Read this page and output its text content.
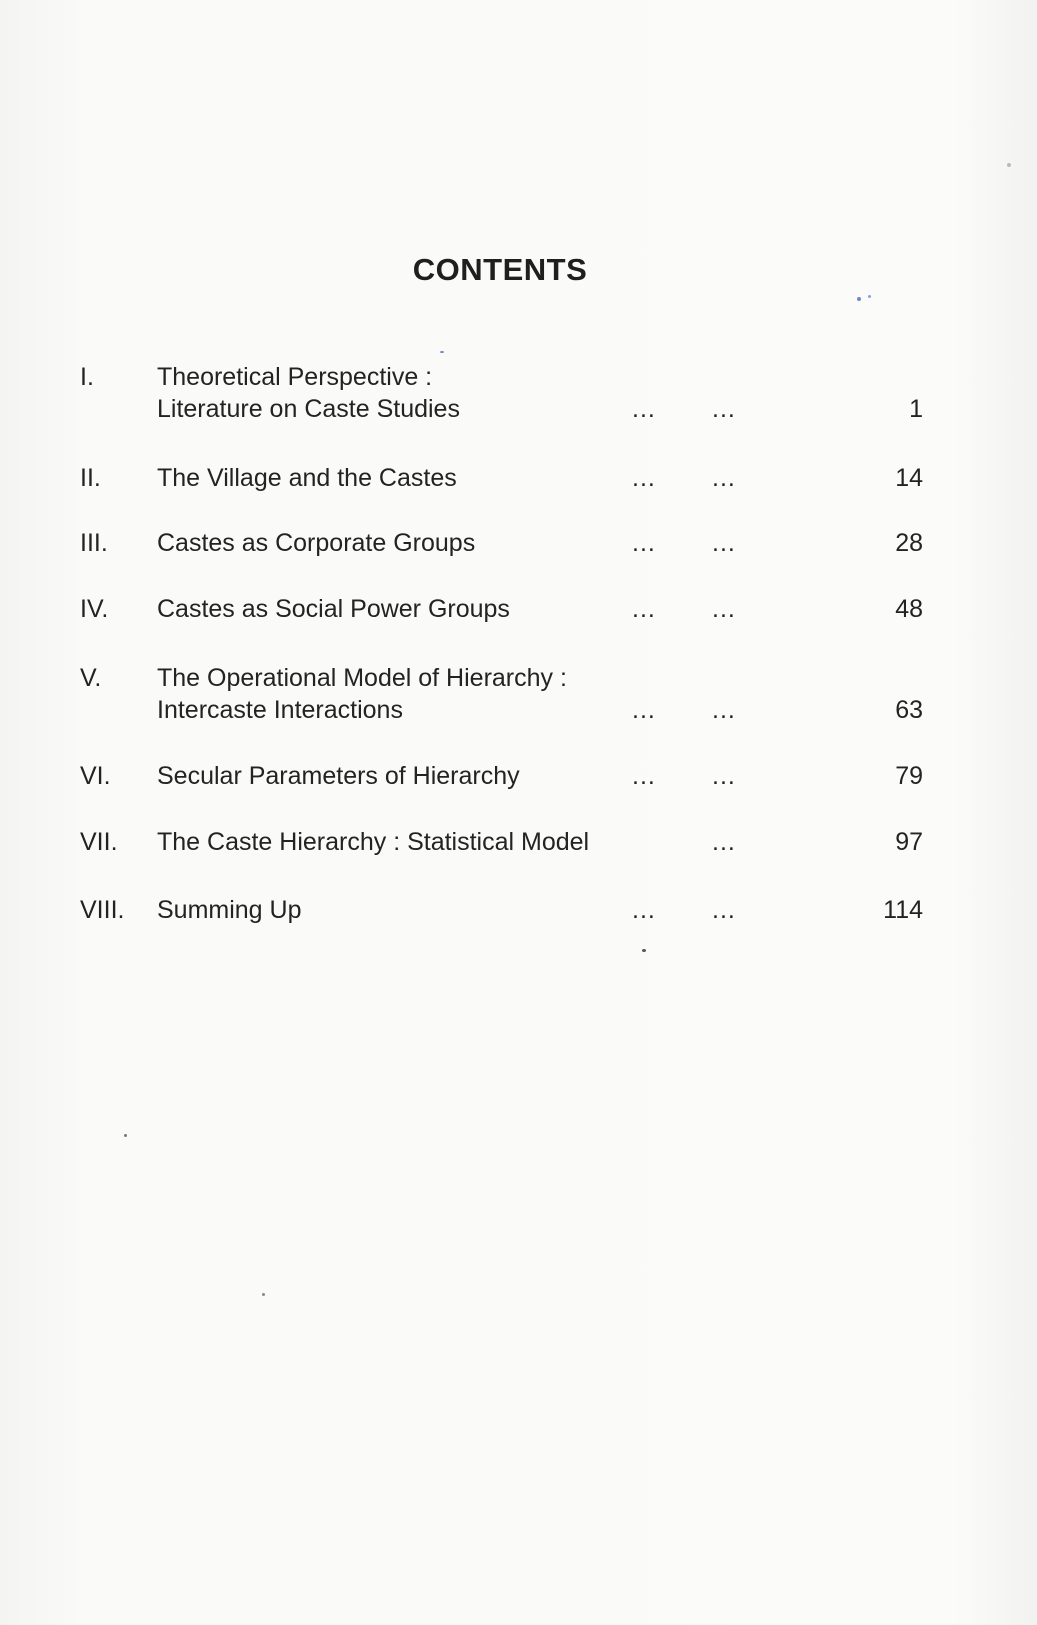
CONTENTS
I.	Theoretical Perspective :
Literature on Caste Studies	... ...	1
II. The Village and the Castes	... ...	14
III. Castes as Corporate Groups	... ...	28
IV. Castes as Social Power Groups	... ...	48
V. The Operational Model of Hierarchy :
Intercaste Interactions	... ...	63
VI. Secular Parameters of Hierarchy	... ...	79
VII. The Caste Hierarchy : Statistical Model	...	97
VIII. Summing Up	... ...	114
